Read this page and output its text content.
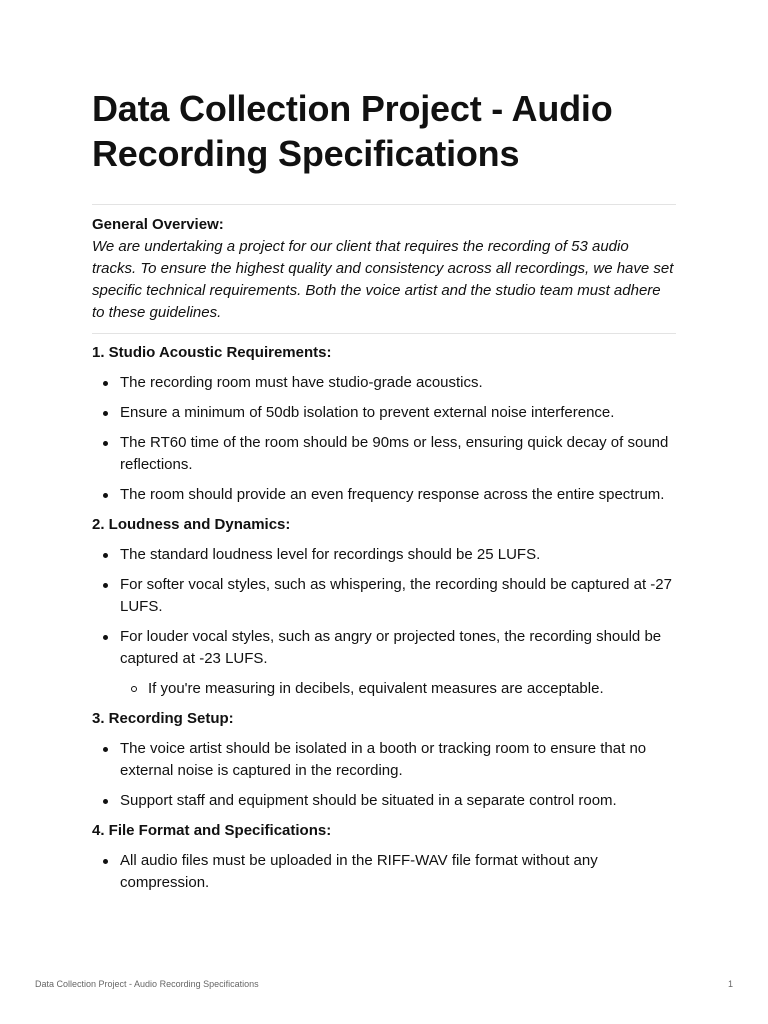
Data Collection Project - Audio Recording Specifications
General Overview:
We are undertaking a project for our client that requires the recording of 53 audio tracks. To ensure the highest quality and consistency across all recordings, we have set specific technical requirements. Both the voice artist and the studio team must adhere to these guidelines.

1. Studio Acoustic Requirements:

The recording room must have studio-grade acoustics.
Ensure a minimum of 50db isolation to prevent external noise interference.
The RT60 time of the room should be 90ms or less, ensuring quick decay of sound reflections.
The room should provide an even frequency response across the entire spectrum.

2. Loudness and Dynamics:

The standard loudness level for recordings should be 25 LUFS.
For softer vocal styles, such as whispering, the recording should be captured at -27 LUFS.
For louder vocal styles, such as angry or projected tones, the recording should be captured at -23 LUFS.
If you're measuring in decibels, equivalent measures are acceptable.

3. Recording Setup:

The voice artist should be isolated in a booth or tracking room to ensure that no external noise is captured in the recording.
Support staff and equipment should be situated in a separate control room.

4. File Format and Specifications:

All audio files must be uploaded in the RIFF-WAV file format without any compression.
Data Collection Project - Audio Recording Specifications	1
